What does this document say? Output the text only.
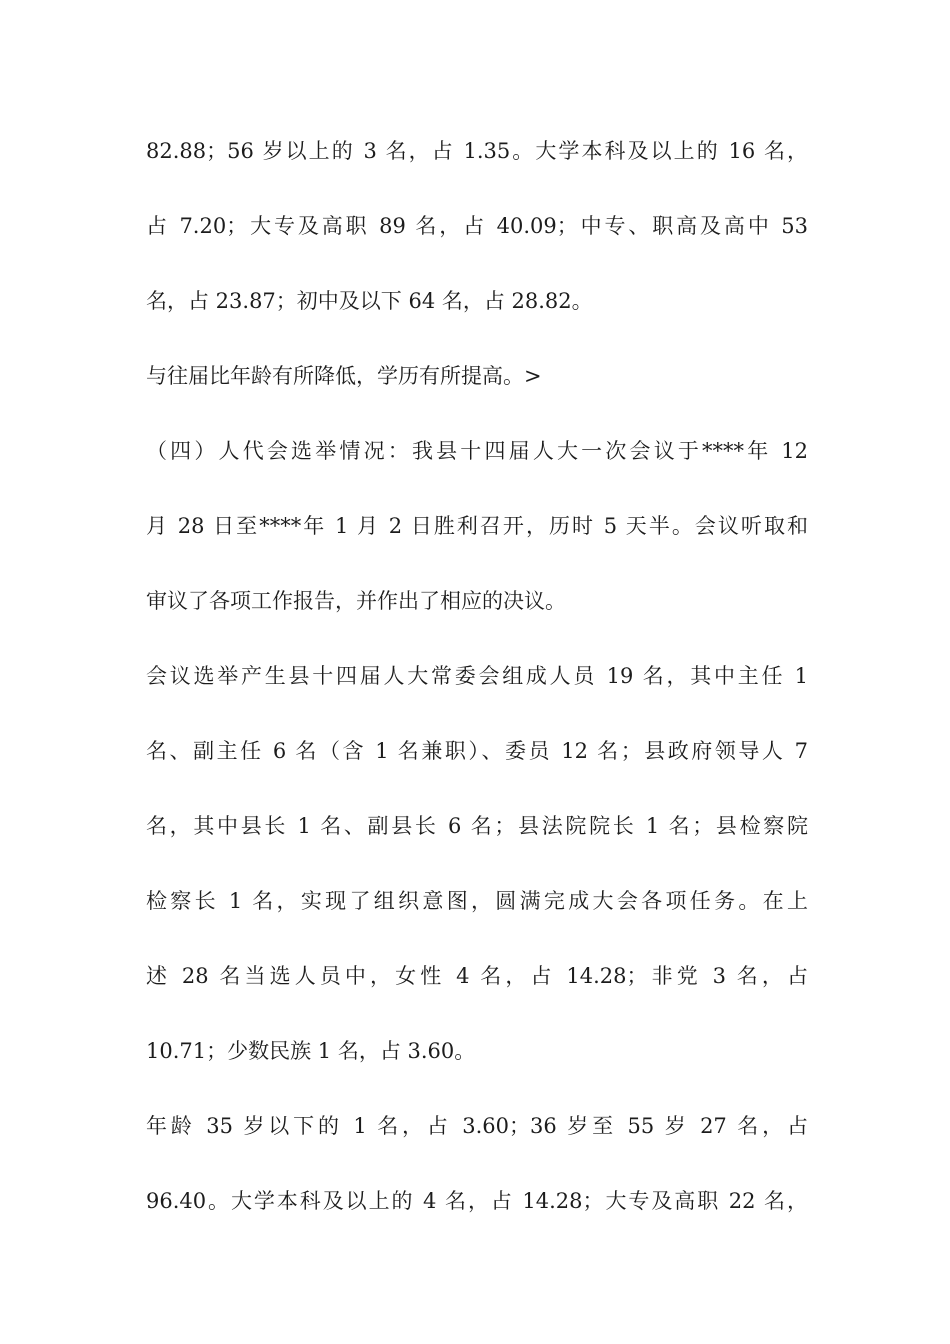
82.88；56 岁以上的 3 名，占 1.35。大学本科及以上的 16 名，
占 7.20；大专及高职 89 名，占 40.09；中专、职高及高中 53
名，占 23.87；初中及以下 64 名，占 28.82。
与往届比年龄有所降低，学历有所提高。>
（四）人代会选举情况：我县十四届人大一次会议于****年 12
月 28 日至****年 1 月 2 日胜利召开，历时 5 天半。会议听取和
审议了各项工作报告，并作出了相应的决议。
会议选举产生县十四届人大常委会组成人员 19 名，其中主任 1
名、副主任 6 名（含 1 名兼职）、委员 12 名；县政府领导人 7
名，其中县长 1 名、副县长 6 名；县法院院长 1 名；县检察院
检察长 1 名，实现了组织意图，圆满完成大会各项任务。在上
述 28 名当选人员中，女性 4 名，占 14.28；非党 3 名，占
10.71；少数民族 1 名，占 3.60。
年龄 35 岁以下的 1 名，占 3.60；36 岁至 55 岁 27 名，占
96.40。大学本科及以上的 4 名，占 14.28；大专及高职 22 名，
